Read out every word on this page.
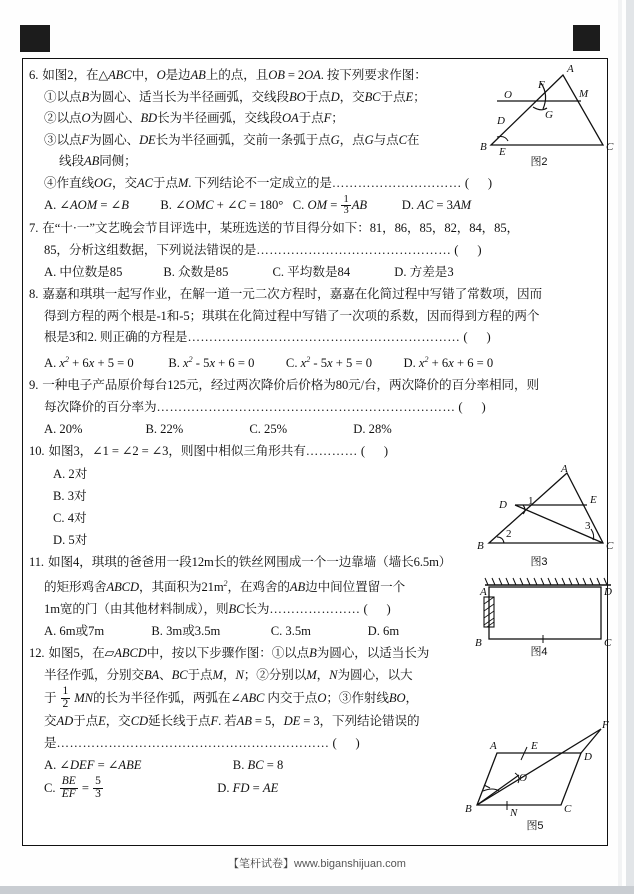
6. 如图2，在△ABC中，O是边AB上的点，且OB = 2OA. 按下列要求作图：
①以点B为圆心、适当长为半径画弧，交线段BO于点D，交BC于点E；
②以点O为圆心、BD长为半径画弧，交线段OA于点F；
③以点F为圆心、DE长为半径画弧，交前一条弧于点G，点G与点C在
线段AB同侧；
④作直线OG，交AC于点M. 下列结论不一定成立的是………………………… (      )
A. ∠AOM = ∠B B. ∠OMC + ∠C = 180° C. OM = $\frac{1}{3}$ AB	D. AC = 3AM
7. 在“十·一”文艺晚会节目评选中，某班选送的节目得分如下：81，86，85，82，84，85，
85，分析这组数据，下列说法错误的是……………………………………… (      )
A. 中位数是85	B. 众数是85	C. 平均数是84	D. 方差是3
8. 嘉嘉和琪琪一起写作业，在解一道一元二次方程时，嘉嘉在化简过程中写错了常数项，因而
得到方程的两个根是-1和-5；琪琪在化简过程中写错了一次项的系数，因而得到方程的两个
根是3和2. 则正确的方程是……………………………………………………… (      )
A. $x^2 + 6x + 5 = 0$	B. $x^2 - 5x + 6 = 0$ C. $x^2 - 5x + 5 = 0$ D. $x^2 + 6x + 6 = 0$
9. 一种电子产品原价每台125元，经过两次降价后价格为80元/台，两次降价的百分率相同，则
每次降价的百分率为…………………………………………………………… (      )
A. 20%	B. 22%	C. 25%	D. 28%
10. 如图3，∠1 = ∠2 = ∠3，则图中相似三角形共有………… (      )
A. 2对
B. 3对
C. 4对
D. 5对
11. 如图4，琪琪的爸爸用一段12m长的铁丝网围成一个一边靠墙（墙长6.5m）
的矩形鸡舍ABCD，其面积为$21m^2$，在鸡舍的AB边中间位置留一个
1m宽的门（由其他材料制成），则BC长为………………… (      )
A. 6m或7m	B. 3m或3.5m	C. 3.5m	D. 6m
12. 如图5，在▱ABCD中，按以下步骤作图：①以点B为圆心，以适当长为
半径作弧，分别交BA、BC于点M，N；②分别以M，N为圆心，以大
于 $\frac{1}{2}$ MN的长为半径作弧，两弧在∠ABC 内交于点O；③作射线BO，
交AD于点E，交CD延长线于点F. 若AB = 5，DE = 3，下列结论错误的
是……………………………………………………… (      )
A. ∠DEF = ∠ABE	B. BC = 8
C. $\frac{BE}{EF} = \frac{5}{3}$	D. FD = AE
A
F
O	M
G
D
B E	C
图2
A
D 1	E
3
2
B	C
图3
A	D
B	C
图4
F
A	E
D
O
B	N	C
图5
【笔杆试卷】www.biganshijuan.com
